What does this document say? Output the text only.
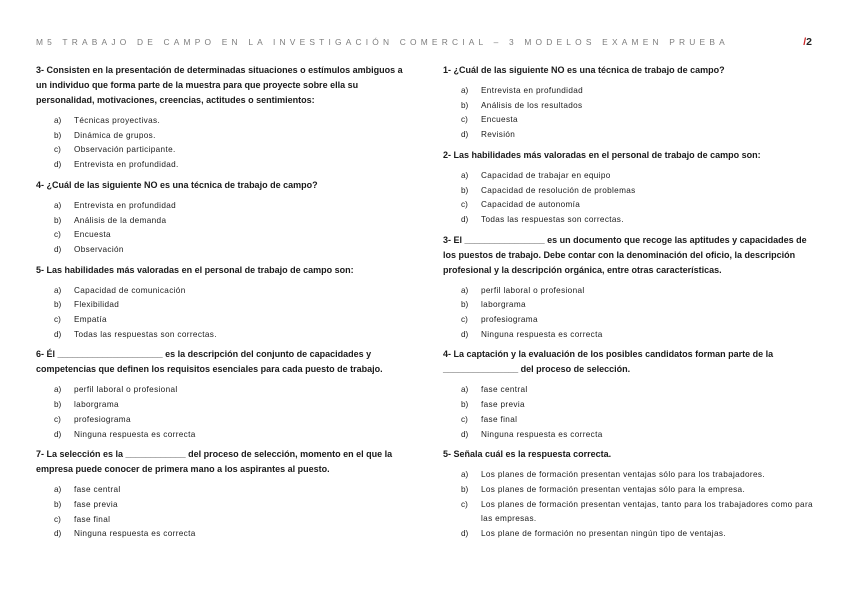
M5 TRABAJO DE CAMPO EN LA INVESTIGACIÓN COMERCIAL – 3 MODELOS EXAMEN PRUEBA	/2

3- Consisten en la presentación de determinadas situaciones o estímulos ambiguos a un individuo que forma parte de la muestra para que proyecte sobre ella su personalidad, motivaciones, creencias, actitudes o sentimientos:

a) Técnicas proyectivas.
b) Dinámica de grupos.
c) Observación participante.
d) Entrevista en profundidad.

4- ¿Cuál de las siguiente NO es una técnica de trabajo de campo?

a) Entrevista en profundidad
b) Análisis de la demanda
c) Encuesta
d) Observación

5- Las habilidades más valoradas en el personal de trabajo de campo son:

a) Capacidad de comunicación
b) Flexibilidad
c) Empatía
d) Todas las respuestas son correctas.

6- Él _____________________ es la descripción del conjunto de capacidades y competencias que definen los requisitos esenciales para cada puesto de trabajo.

a) perfil laboral o profesional
b) laborgrama
c) profesiograma
d) Ninguna respuesta es correcta

7- La selección es la ____________ del proceso de selección, momento en el que la empresa puede conocer de primera mano a los aspirantes al puesto.

a) fase central
b) fase previa
c) fase final
d) Ninguna respuesta es correcta

1- ¿Cuál de las siguiente NO es una técnica de trabajo de campo?

a) Entrevista en profundidad
b) Análisis de los resultados
c) Encuesta
d) Revisión

2- Las habilidades más valoradas en el personal de trabajo de campo son:

a) Capacidad de trabajar en equipo
b) Capacidad de resolución de problemas
c) Capacidad de autonomía
d) Todas las respuestas son correctas.

3- El ________________ es un documento que recoge las aptitudes y capacidades de los puestos de trabajo. Debe contar con la denominación del oficio, la descripción profesional y la descripción orgánica, entre otras características.

a) perfil laboral o profesional
b) laborgrama
c) profesiograma
d) Ninguna respuesta es correcta

4- La captación y la evaluación de los posibles candidatos forman parte de la _______________ del proceso de selección.

a) fase central
b) fase previa
c) fase final
d) Ninguna respuesta es correcta

5- Señala cuál es la respuesta correcta.

a) Los planes de formación presentan ventajas sólo para los trabajadores.
b) Los planes de formación presentan ventajas sólo para la empresa.
c) Los planes de formación presentan ventajas, tanto para los trabajadores como para las empresas.
d) Los plane de formación no presentan ningún tipo de ventajas.
